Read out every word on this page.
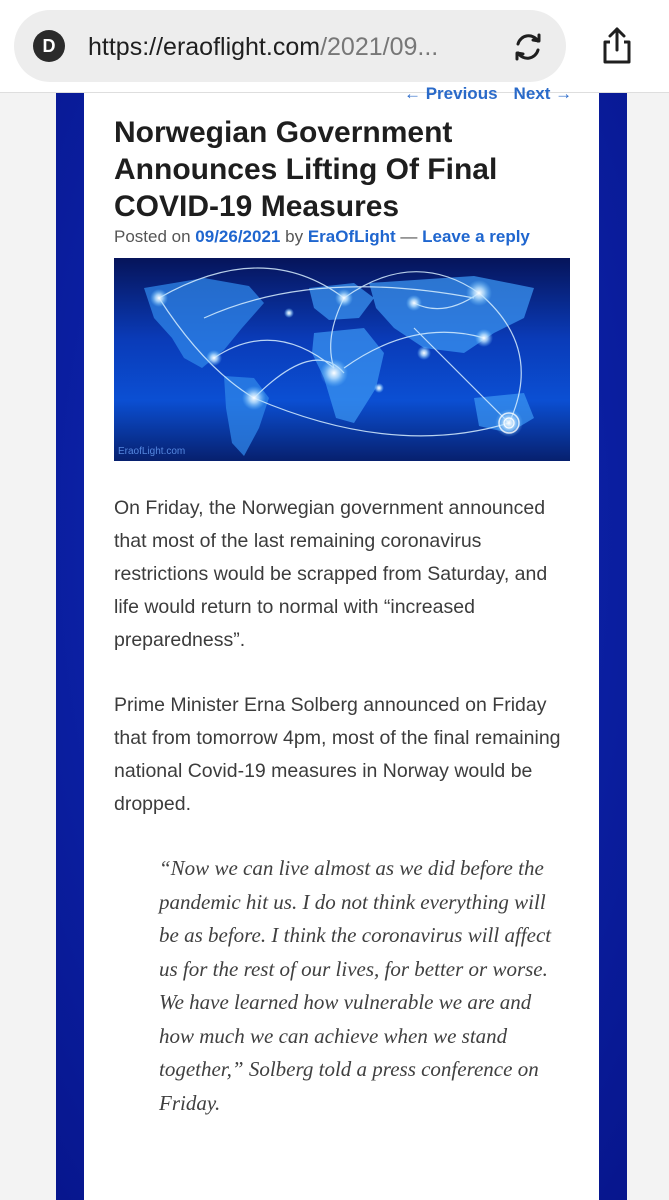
D	https://eraoflight.com/2021/09...
← Previous Next →
Norwegian Government Announces Lifting Of Final COVID-19 Measures
Posted on 09/26/2021 by EraOfLight — Leave a reply
EraofLight.com

On Friday, the Norwegian government announced that most of the last remaining coronavirus restrictions would be scrapped from Saturday, and life would return to normal with “increased preparedness”.

Prime Minister Erna Solberg announced on Friday that from tomorrow 4pm, most of the final remaining national Covid-19 measures in Norway would be dropped.

“Now we can live almost as we did before the pandemic hit us. I do not think everything will be as before. I think the coronavirus will affect us for the rest of our lives, for better or worse. We have learned how vulnerable we are and how much we can achieve when we stand together,” Solberg told a press conference on Friday.
